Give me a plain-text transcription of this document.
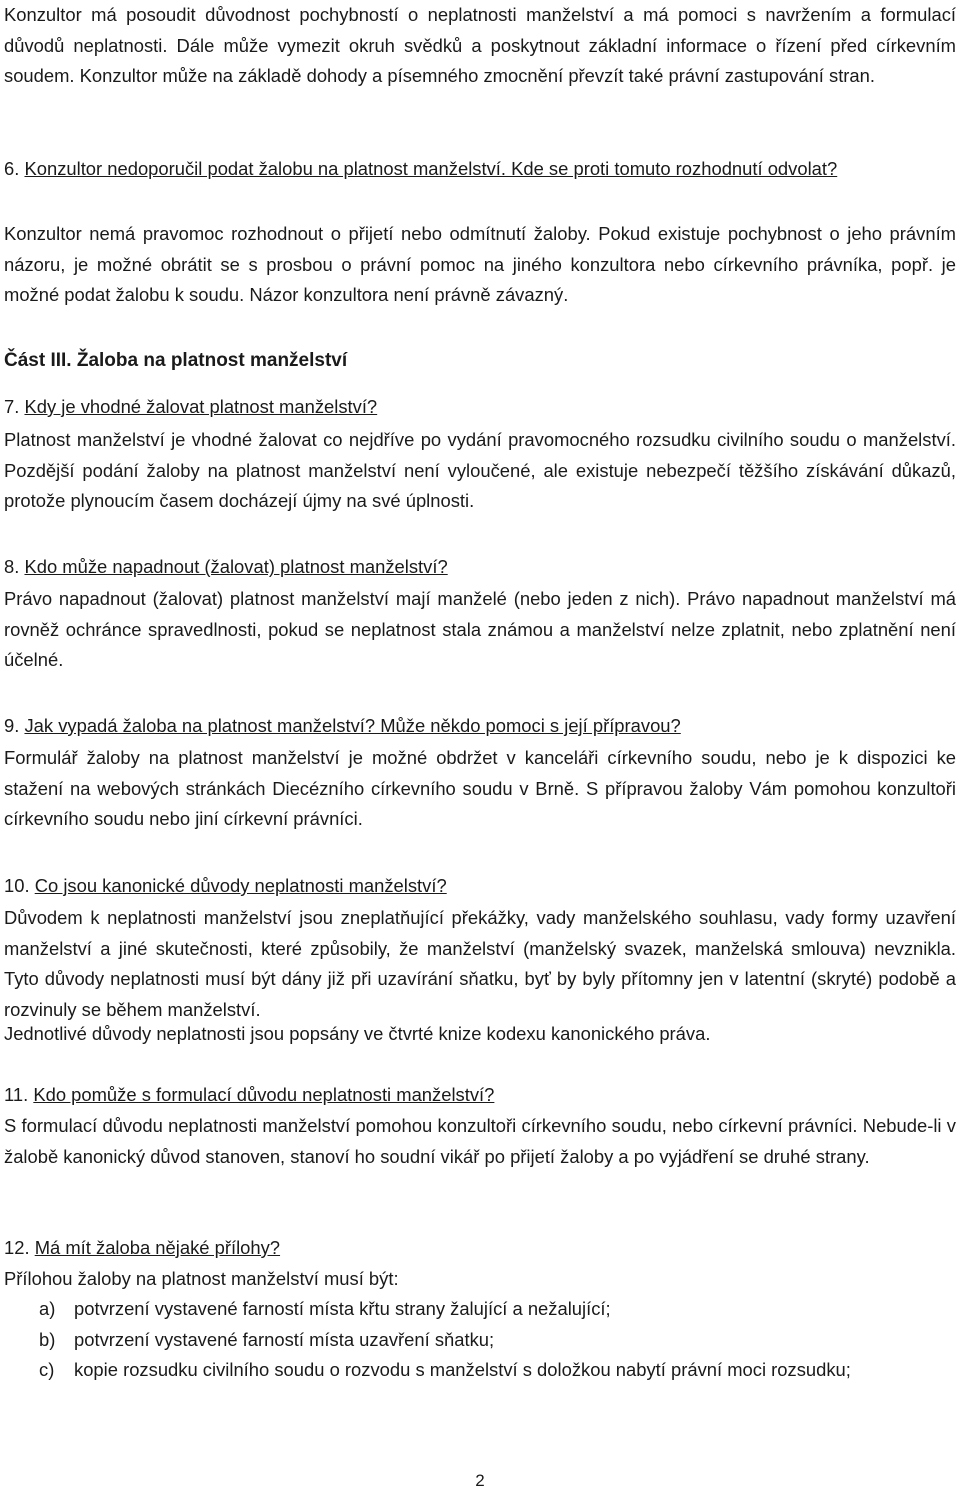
Konzultor má posoudit důvodnost pochybností o neplatnosti manželství a má pomoci s navržením a formulací důvodů neplatnosti. Dále může vymezit okruh svědků a poskytnout základní informace o řízení před církevním soudem. Konzultor může na základě dohody a písemného zmocnění převzít také právní zastupování stran.

6. Konzultor nedoporučil podat žalobu na platnost manželství. Kde se proti tomuto rozhodnutí odvolat?

Konzultor nemá pravomoc rozhodnout o přijetí nebo odmítnutí žaloby. Pokud existuje pochybnost o jeho právním názoru, je možné obrátit se s prosbou o právní pomoc na jiného konzultora nebo církevního právníka, popř. je možné podat žalobu k soudu. Názor konzultora není právně závazný.

Část III. Žaloba na platnost manželství

7. Kdy je vhodné žalovat platnost manželství?

Platnost manželství je vhodné žalovat co nejdříve po vydání pravomocného rozsudku civilního soudu o manželství. Pozdější podání žaloby na platnost manželství není vyloučené, ale existuje nebezpečí těžšího získávání důkazů, protože plynoucím časem docházejí újmy na své úplnosti.

8. Kdo může napadnout (žalovat) platnost manželství?

Právo napadnout (žalovat) platnost manželství mají manželé (nebo jeden z nich). Právo napadnout manželství má rovněž ochránce spravedlnosti, pokud se neplatnost stala známou a manželství nelze zplatnit, nebo zplatnění není účelné.

9. Jak vypadá žaloba na platnost manželství? Může někdo pomoci s její přípravou?

Formulář žaloby na platnost manželství je možné obdržet v kanceláři církevního soudu, nebo je k dispozici ke stažení na webových stránkách Diecézního církevního soudu v Brně. S přípravou žaloby Vám pomohou konzultoři církevního soudu nebo jiní církevní právníci.

10. Co jsou kanonické důvody neplatnosti manželství?

Důvodem k neplatnosti manželství jsou zneplatňující překážky, vady manželského souhlasu, vady formy uzavření manželství a jiné skutečnosti, které způsobily, že manželství (manželský svazek, manželská smlouva) nevznikla. Tyto důvody neplatnosti musí být dány již při uzavírání sňatku, byť by byly přítomny jen v latentní (skryté) podobě a rozvinuly se během manželství.

Jednotlivé důvody neplatnosti jsou popsány ve čtvrté knize kodexu kanonického práva.

11. Kdo pomůže s formulací důvodu neplatnosti manželství?

S formulací důvodu neplatnosti manželství pomohou konzultoři církevního soudu, nebo církevní právníci. Nebude-li v žalobě kanonický důvod stanoven, stanoví ho soudní vikář po přijetí žaloby a po vyjádření se druhé strany.

12. Má mít žaloba nějaké přílohy?

Přílohou žaloby na platnost manželství musí být:

a) potvrzení vystavené farností místa křtu strany žalující a nežalující;
b) potvrzení vystavené farností místa uzavření sňatku;
c) kopie rozsudku civilního soudu o rozvodu s manželství s doložkou nabytí právní moci rozsudku;
2
